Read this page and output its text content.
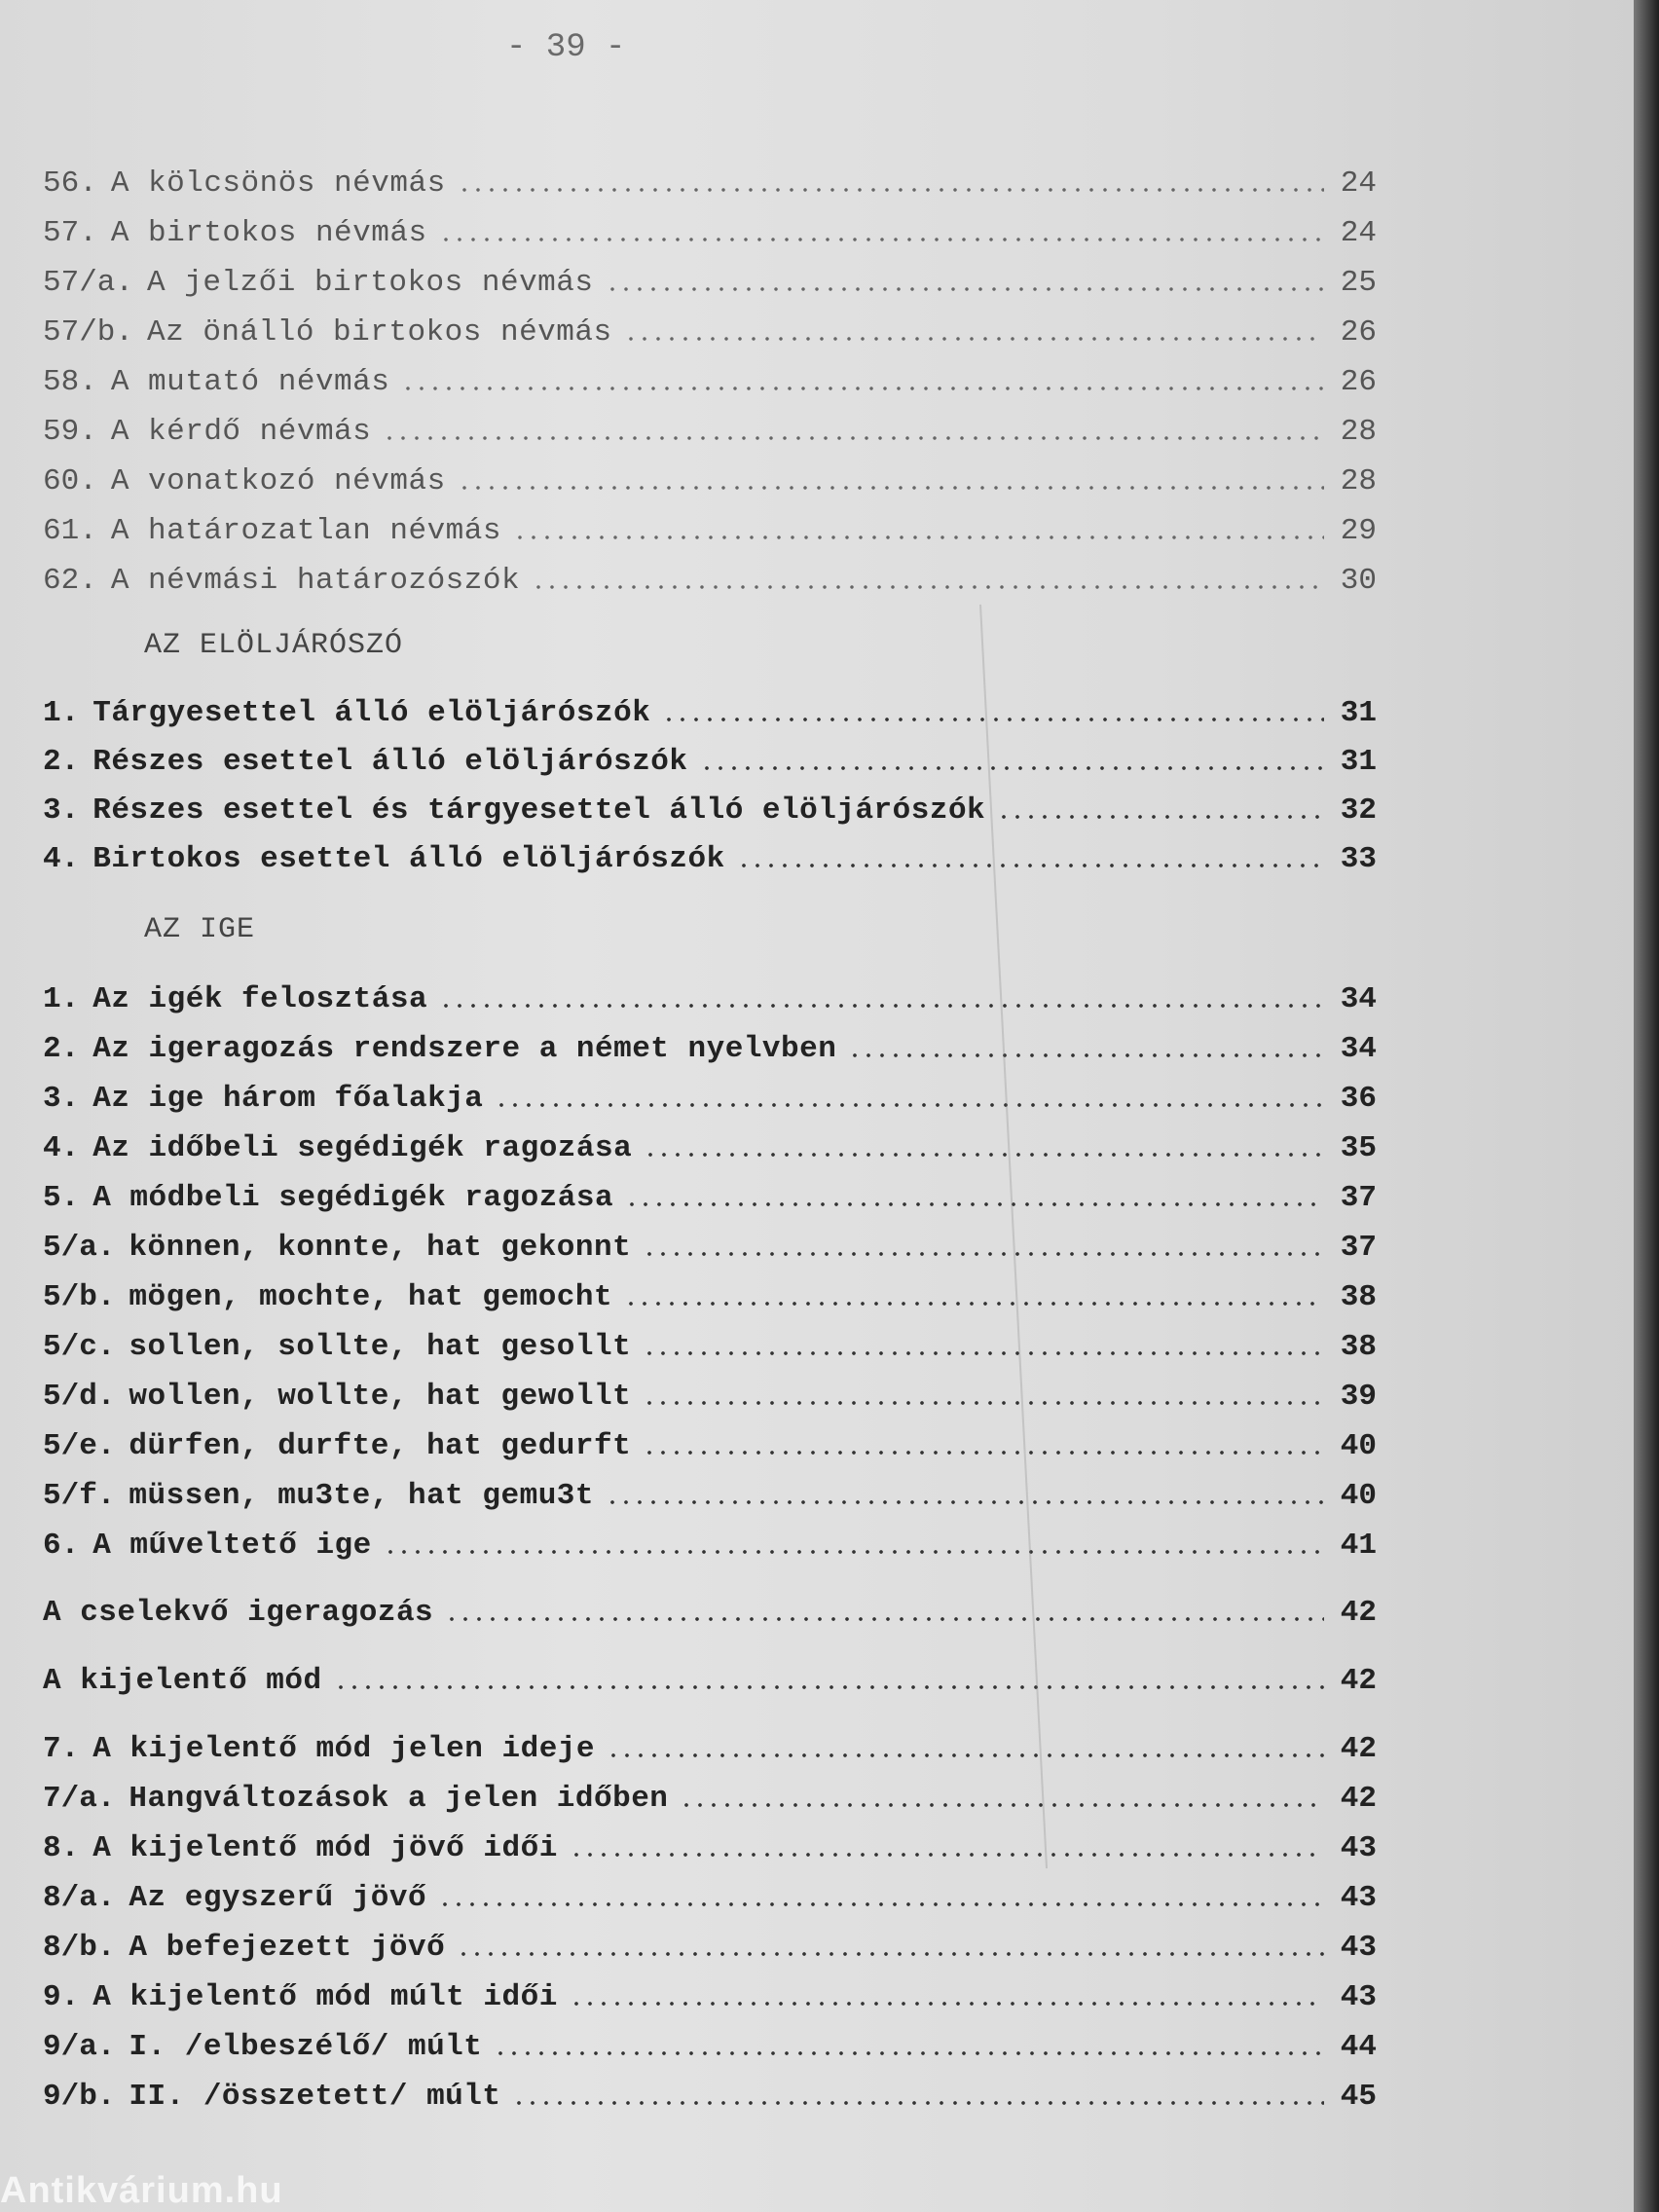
- 39 -
56. A kölcsönös névmás	24
57. A birtokos névmás	24
57/a. A jelzői birtokos névmás	25
57/b. Az önálló birtokos névmás	26
58. A mutató névmás	26
59. A kérdő névmás	28
60. A vonatkozó névmás	28
61. A határozatlan névmás	29
62. A névmási határozószók	30
AZ ELÖLJÁRÓSZÓ
1. Tárgyesettel álló elöljárószók	31
2. Részes esettel álló elöljárószók	31
3. Részes esettel és tárgyesettel álló elöljárószók	32
4. Birtokos esettel álló elöljárószók	33
AZ IGE
1. Az igék felosztása	34
2. Az igeragozás rendszere a német nyelvben	34
3. Az ige három főalakja	36
4. Az időbeli segédigék ragozása	35
5. A módbeli segédigék ragozása	37
5/a. können, konnte, hat gekonnt	37
5/b. mögen, mochte, hat gemocht	38
5/c. sollen, sollte, hat gesollt	38
5/d. wollen, wollte, hat gewollt	39
5/e. dürfen, durfte, hat gedurft	40
5/f. müssen, mu3te, hat gemu3t	40
6. A műveltető ige	41
A cselekvő igeragozás	42
A kijelentő mód	42
7. A kijelentő mód jelen ideje	42
7/a. Hangváltozások a jelen időben	42
8. A kijelentő mód jövő idői	43
8/a. Az egyszerű jövő	43
8/b. A befejezett jövő	43
9. A kijelentő mód múlt idői	43
9/a. I. /elbeszélő/ múlt	44
9/b. II. /összetett/ múlt	45
Antikvárium.hu
